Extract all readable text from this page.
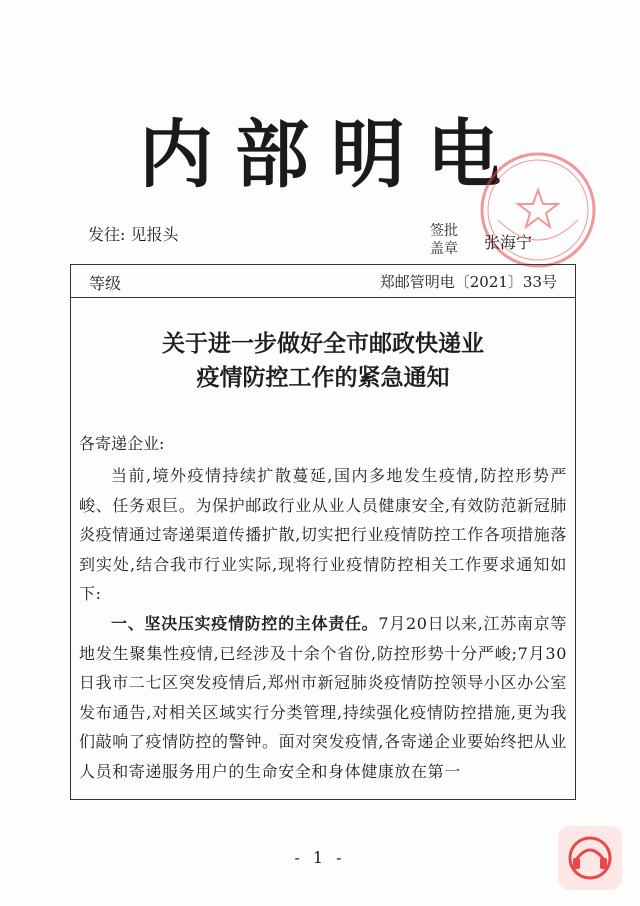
内部明电
发往: 见报头	签批
盖章 张海宁
等级	郑邮管明电〔2021〕33号
关于进一步做好全市邮政快递业
疫情防控工作的紧急通知
各寄递企业:

当前,境外疫情持续扩散蔓延,国内多地发生疫情,防控形势严峻、任务艰巨。为保护邮政行业从业人员健康安全,有效防范新冠肺炎疫情通过寄递渠道传播扩散,切实把行业疫情防控工作各项措施落到实处,结合我市行业实际,现将行业疫情防控相关工作要求通知如下:

一、坚决压实疫情防控的主体责任。7月20日以来,江苏南京等地发生聚集性疫情,已经涉及十余个省份,防控形势十分严峻;7月30日我市二七区突发疫情后,郑州市新冠肺炎疫情防控领导小区办公室发布通告,对相关区域实行分类管理,持续强化疫情防控措施,更为我们敲响了疫情防控的警钟。面对突发疫情,各寄递企业要始终把从业人员和寄递服务用户的生命安全和身体健康放在第一

- 1 -
